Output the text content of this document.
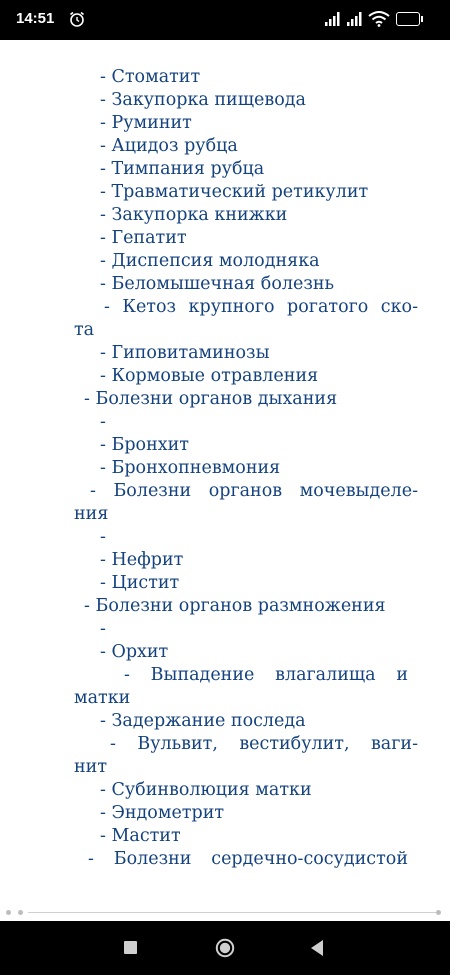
14:51	54
- Стоматит
- Закупорка пищевода
- Руминит
- Ацидоз рубца
- Тимпания рубца
- Травматический ретикулит
- Закупорка книжки
- Гепатит
- Диспепсия молодняка
- Беломышечная болезнь
- Кетоз крупного рогатого ско-
та
- Гиповитаминозы
- Кормовые отравления
- Болезни органов дыхания
-
- Бронхит
- Бронхопневмония
- Болезни органов мочевыделе-
ния
-
- Нефрит
- Цистит
- Болезни органов размножения
-
- Орхит
- Выпадение влагалища и
матки
- Задержание последа
- Вульвит, вестибулит, ваги-
нит
- Субинволюция матки
- Эндометрит
- Мастит
- Болезни сердечно-сосудистой
